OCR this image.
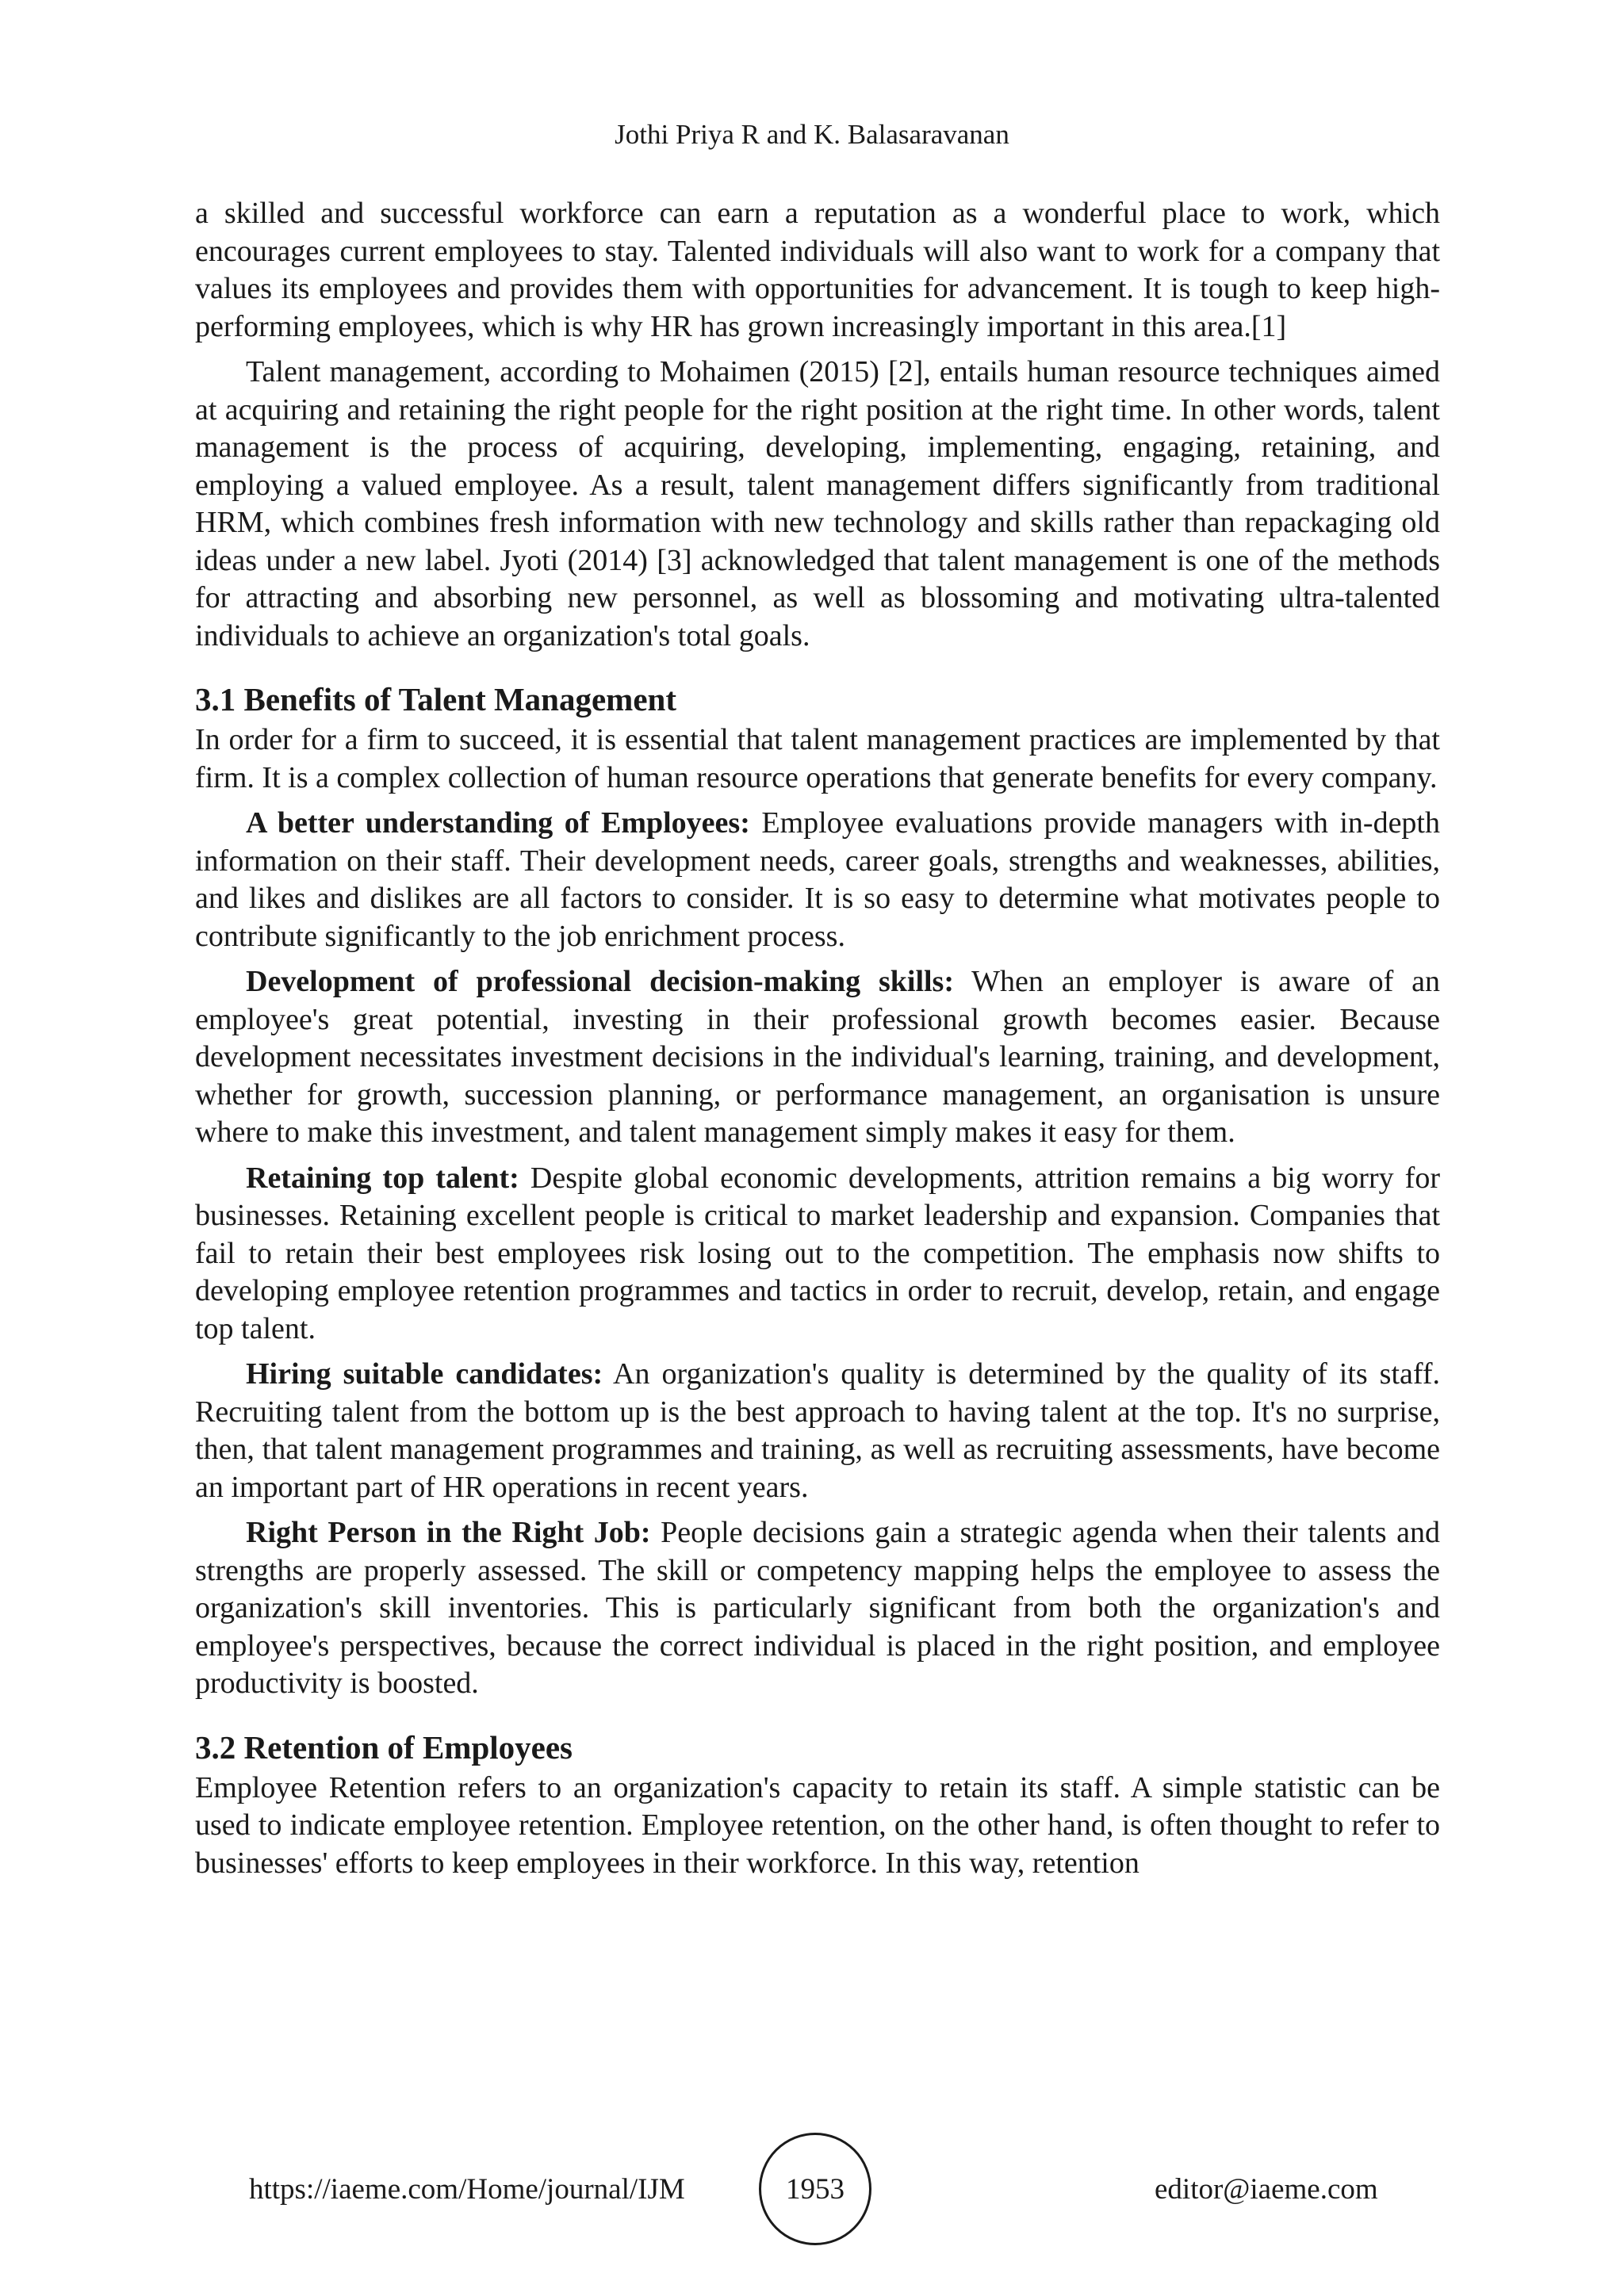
Jothi Priya R and K. Balasaravanan

a skilled and successful workforce can earn a reputation as a wonderful place to work, which encourages current employees to stay. Talented individuals will also want to work for a company that values its employees and provides them with opportunities for advancement. It is tough to keep high-performing employees, which is why HR has grown increasingly important in this area.[1]

Talent management, according to Mohaimen (2015) [2], entails human resource techniques aimed at acquiring and retaining the right people for the right position at the right time. In other words, talent management is the process of acquiring, developing, implementing, engaging, retaining, and employing a valued employee. As a result, talent management differs significantly from traditional HRM, which combines fresh information with new technology and skills rather than repackaging old ideas under a new label. Jyoti (2014) [3] acknowledged that talent management is one of the methods for attracting and absorbing new personnel, as well as blossoming and motivating ultra-talented individuals to achieve an organization's total goals.

3.1 Benefits of Talent Management

In order for a firm to succeed, it is essential that talent management practices are implemented by that firm. It is a complex collection of human resource operations that generate benefits for every company.

A better understanding of Employees: Employee evaluations provide managers with in-depth information on their staff. Their development needs, career goals, strengths and weaknesses, abilities, and likes and dislikes are all factors to consider. It is so easy to determine what motivates people to contribute significantly to the job enrichment process.

Development of professional decision-making skills: When an employer is aware of an employee's great potential, investing in their professional growth becomes easier. Because development necessitates investment decisions in the individual's learning, training, and development, whether for growth, succession planning, or performance management, an organisation is unsure where to make this investment, and talent management simply makes it easy for them.

Retaining top talent: Despite global economic developments, attrition remains a big worry for businesses. Retaining excellent people is critical to market leadership and expansion. Companies that fail to retain their best employees risk losing out to the competition. The emphasis now shifts to developing employee retention programmes and tactics in order to recruit, develop, retain, and engage top talent.

Hiring suitable candidates: An organization's quality is determined by the quality of its staff. Recruiting talent from the bottom up is the best approach to having talent at the top. It's no surprise, then, that talent management programmes and training, as well as recruiting assessments, have become an important part of HR operations in recent years.

Right Person in the Right Job: People decisions gain a strategic agenda when their talents and strengths are properly assessed. The skill or competency mapping helps the employee to assess the organization's skill inventories. This is particularly significant from both the organization's and employee's perspectives, because the correct individual is placed in the right position, and employee productivity is boosted.

3.2 Retention of Employees

Employee Retention refers to an organization's capacity to retain its staff. A simple statistic can be used to indicate employee retention. Employee retention, on the other hand, is often thought to refer to businesses' efforts to keep employees in their workforce. In this way, retention

https://iaeme.com/Home/journal/IJM	1953	editor@iaeme.com
